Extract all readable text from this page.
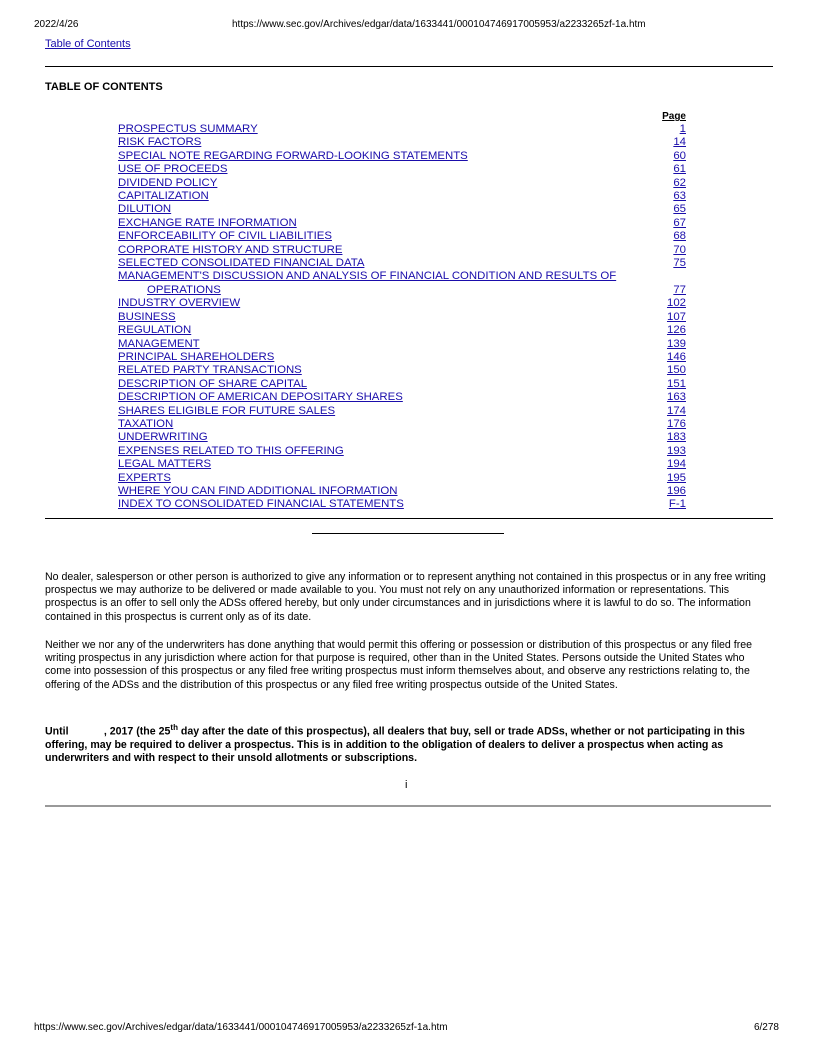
2022/4/26	https://www.sec.gov/Archives/edgar/data/1633441/000104746917005953/a2233265zf-1a.htm
Table of Contents
TABLE OF CONTENTS
Page
PROSPECTUS SUMMARY	1
RISK FACTORS	14
SPECIAL NOTE REGARDING FORWARD-LOOKING STATEMENTS	60
USE OF PROCEEDS	61
DIVIDEND POLICY	62
CAPITALIZATION	63
DILUTION	65
EXCHANGE RATE INFORMATION	67
ENFORCEABILITY OF CIVIL LIABILITIES	68
CORPORATE HISTORY AND STRUCTURE	70
SELECTED CONSOLIDATED FINANCIAL DATA	75
MANAGEMENT'S DISCUSSION AND ANALYSIS OF FINANCIAL CONDITION AND RESULTS OF
OPERATIONS	77
INDUSTRY OVERVIEW	102
BUSINESS	107
REGULATION	126
MANAGEMENT	139
PRINCIPAL SHAREHOLDERS	146
RELATED PARTY TRANSACTIONS	150
DESCRIPTION OF SHARE CAPITAL	151
DESCRIPTION OF AMERICAN DEPOSITARY SHARES	163
SHARES ELIGIBLE FOR FUTURE SALES	174
TAXATION	176
UNDERWRITING	183
EXPENSES RELATED TO THIS OFFERING	193
LEGAL MATTERS	194
EXPERTS	195
WHERE YOU CAN FIND ADDITIONAL INFORMATION	196
INDEX TO CONSOLIDATED FINANCIAL STATEMENTS	F-1

No dealer, salesperson or other person is authorized to give any information or to represent anything not contained in this prospectus or in any free writing prospectus we may authorize to be delivered or made available to you. You must not rely on any unauthorized information or representations. This prospectus is an offer to sell only the ADSs offered hereby, but only under circumstances and in jurisdictions where it is lawful to do so. The information contained in this prospectus is current only as of its date.

Neither we nor any of the underwriters has done anything that would permit this offering or possession or distribution of this prospectus or any filed free writing prospectus in any jurisdiction where action for that purpose is required, other than in the United States. Persons outside the United States who come into possession of this prospectus or any filed free writing prospectus must inform themselves about, and observe any restrictions relating to, the offering of the ADSs and the distribution of this prospectus or any filed free writing prospectus outside of the United States.

Until            , 2017 (the 25th day after the date of this prospectus), all dealers that buy, sell or trade ADSs, whether or not participating in this offering, may be required to deliver a prospectus. This is in addition to the obligation of dealers to deliver a prospectus when acting as underwriters and with respect to their unsold allotments or subscriptions.

i
https://www.sec.gov/Archives/edgar/data/1633441/000104746917005953/a2233265zf-1a.htm	6/278
